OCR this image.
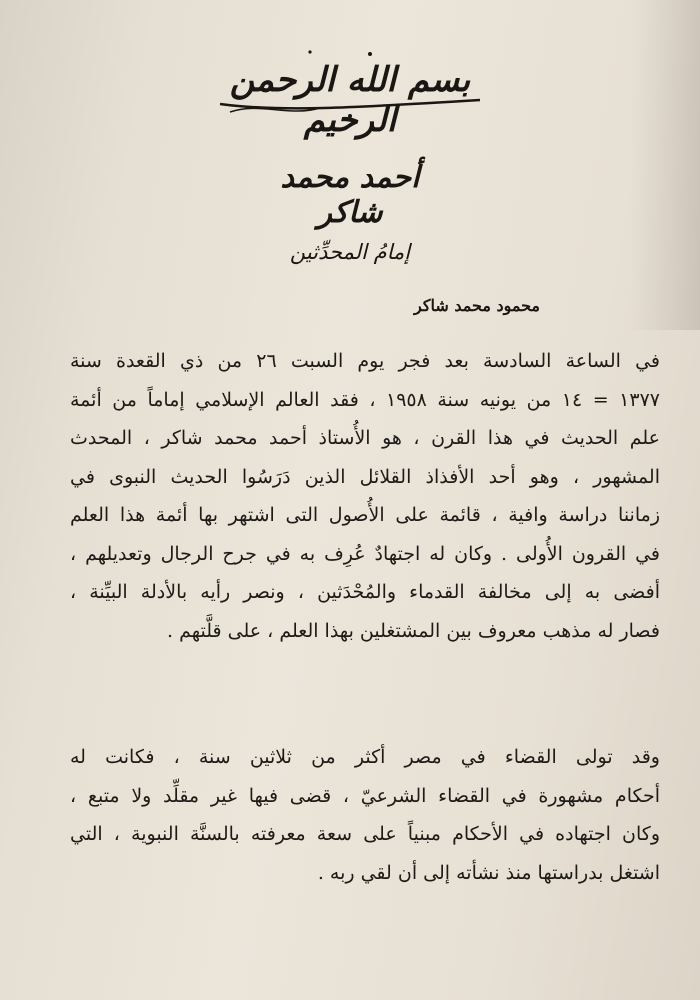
بسم الله الرحمن الرحيم
أحمد محمد شاكر
إمامُ المحدِّثين
محمود محمد شاكر
في الساعة السادسة بعد فجر يوم السبت ٢٦ من ذي القعدة سنة
١٣٧٧ = ١٤ من يونيه سنة ١٩٥٨ ، فقد العالم الإسلامي إماماً من أئمة
علم الحديث في هذا القرن ، هو الأُستاذ أحمد محمد شاكر ، المحدث
المشهور ، وهو أحد الأفذاذ القلائل الذين دَرَسُوا الحديث النبوى في
زماننا دراسة وافية ، قائمة على الأُصول التى اشتهر بها أئمة هذا العلم
في القرون الأُولى . وكان له اجتهادٌ عُرِف به في جرح الرجال وتعديلهم ،
أفضى به إلى مخالفة القدماء والمُحْدَثين ، ونصر رأيه بالأدلة البيِّنة ،
فصار له مذهب معروف بين المشتغلين بهذا العلم ، على قلَّتهم .
وقد تولى القضاء في مصر أكثر من ثلاثين سنة ، فكانت له
أحكام مشهورة في القضاء الشرعيّ ، قضى فيها غير مقلِّد ولا متبع ،
وكان اجتهاده في الأحكام مبنياً على سعة معرفته بالسنَّة النبوية ، التي
اشتغل بدراستها منذ نشأته إلى أن لقي ربه .
